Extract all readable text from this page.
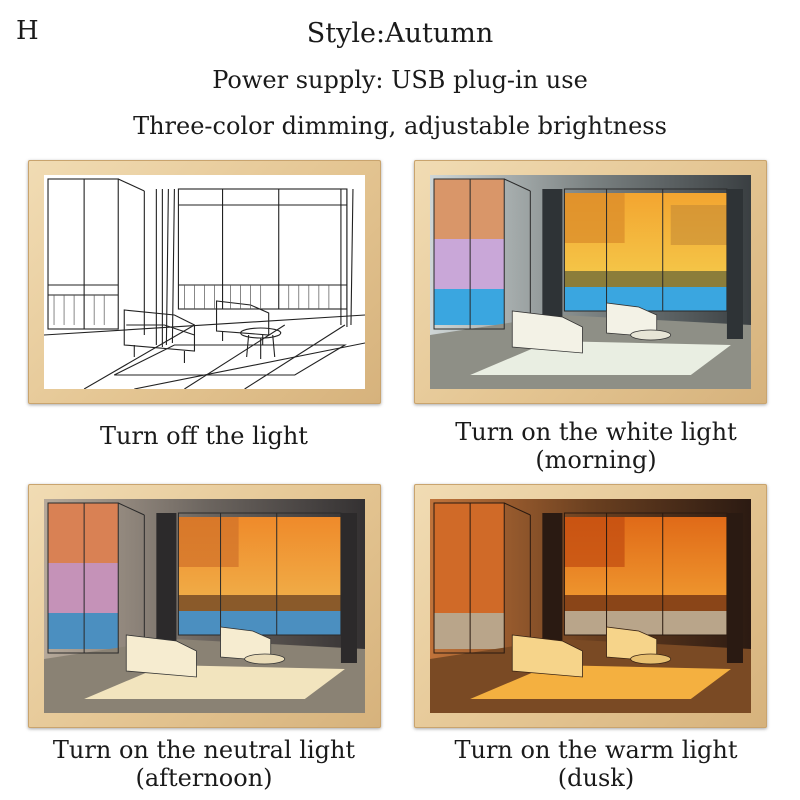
H	Style:Autumn
Power supply: USB plug-in use
Three-color dimming, adjustable brightness
Turn off the light	Turn on the white light
(morning)
Turn on the neutral light
(afternoon)
Turn on the warm light
(dusk)
